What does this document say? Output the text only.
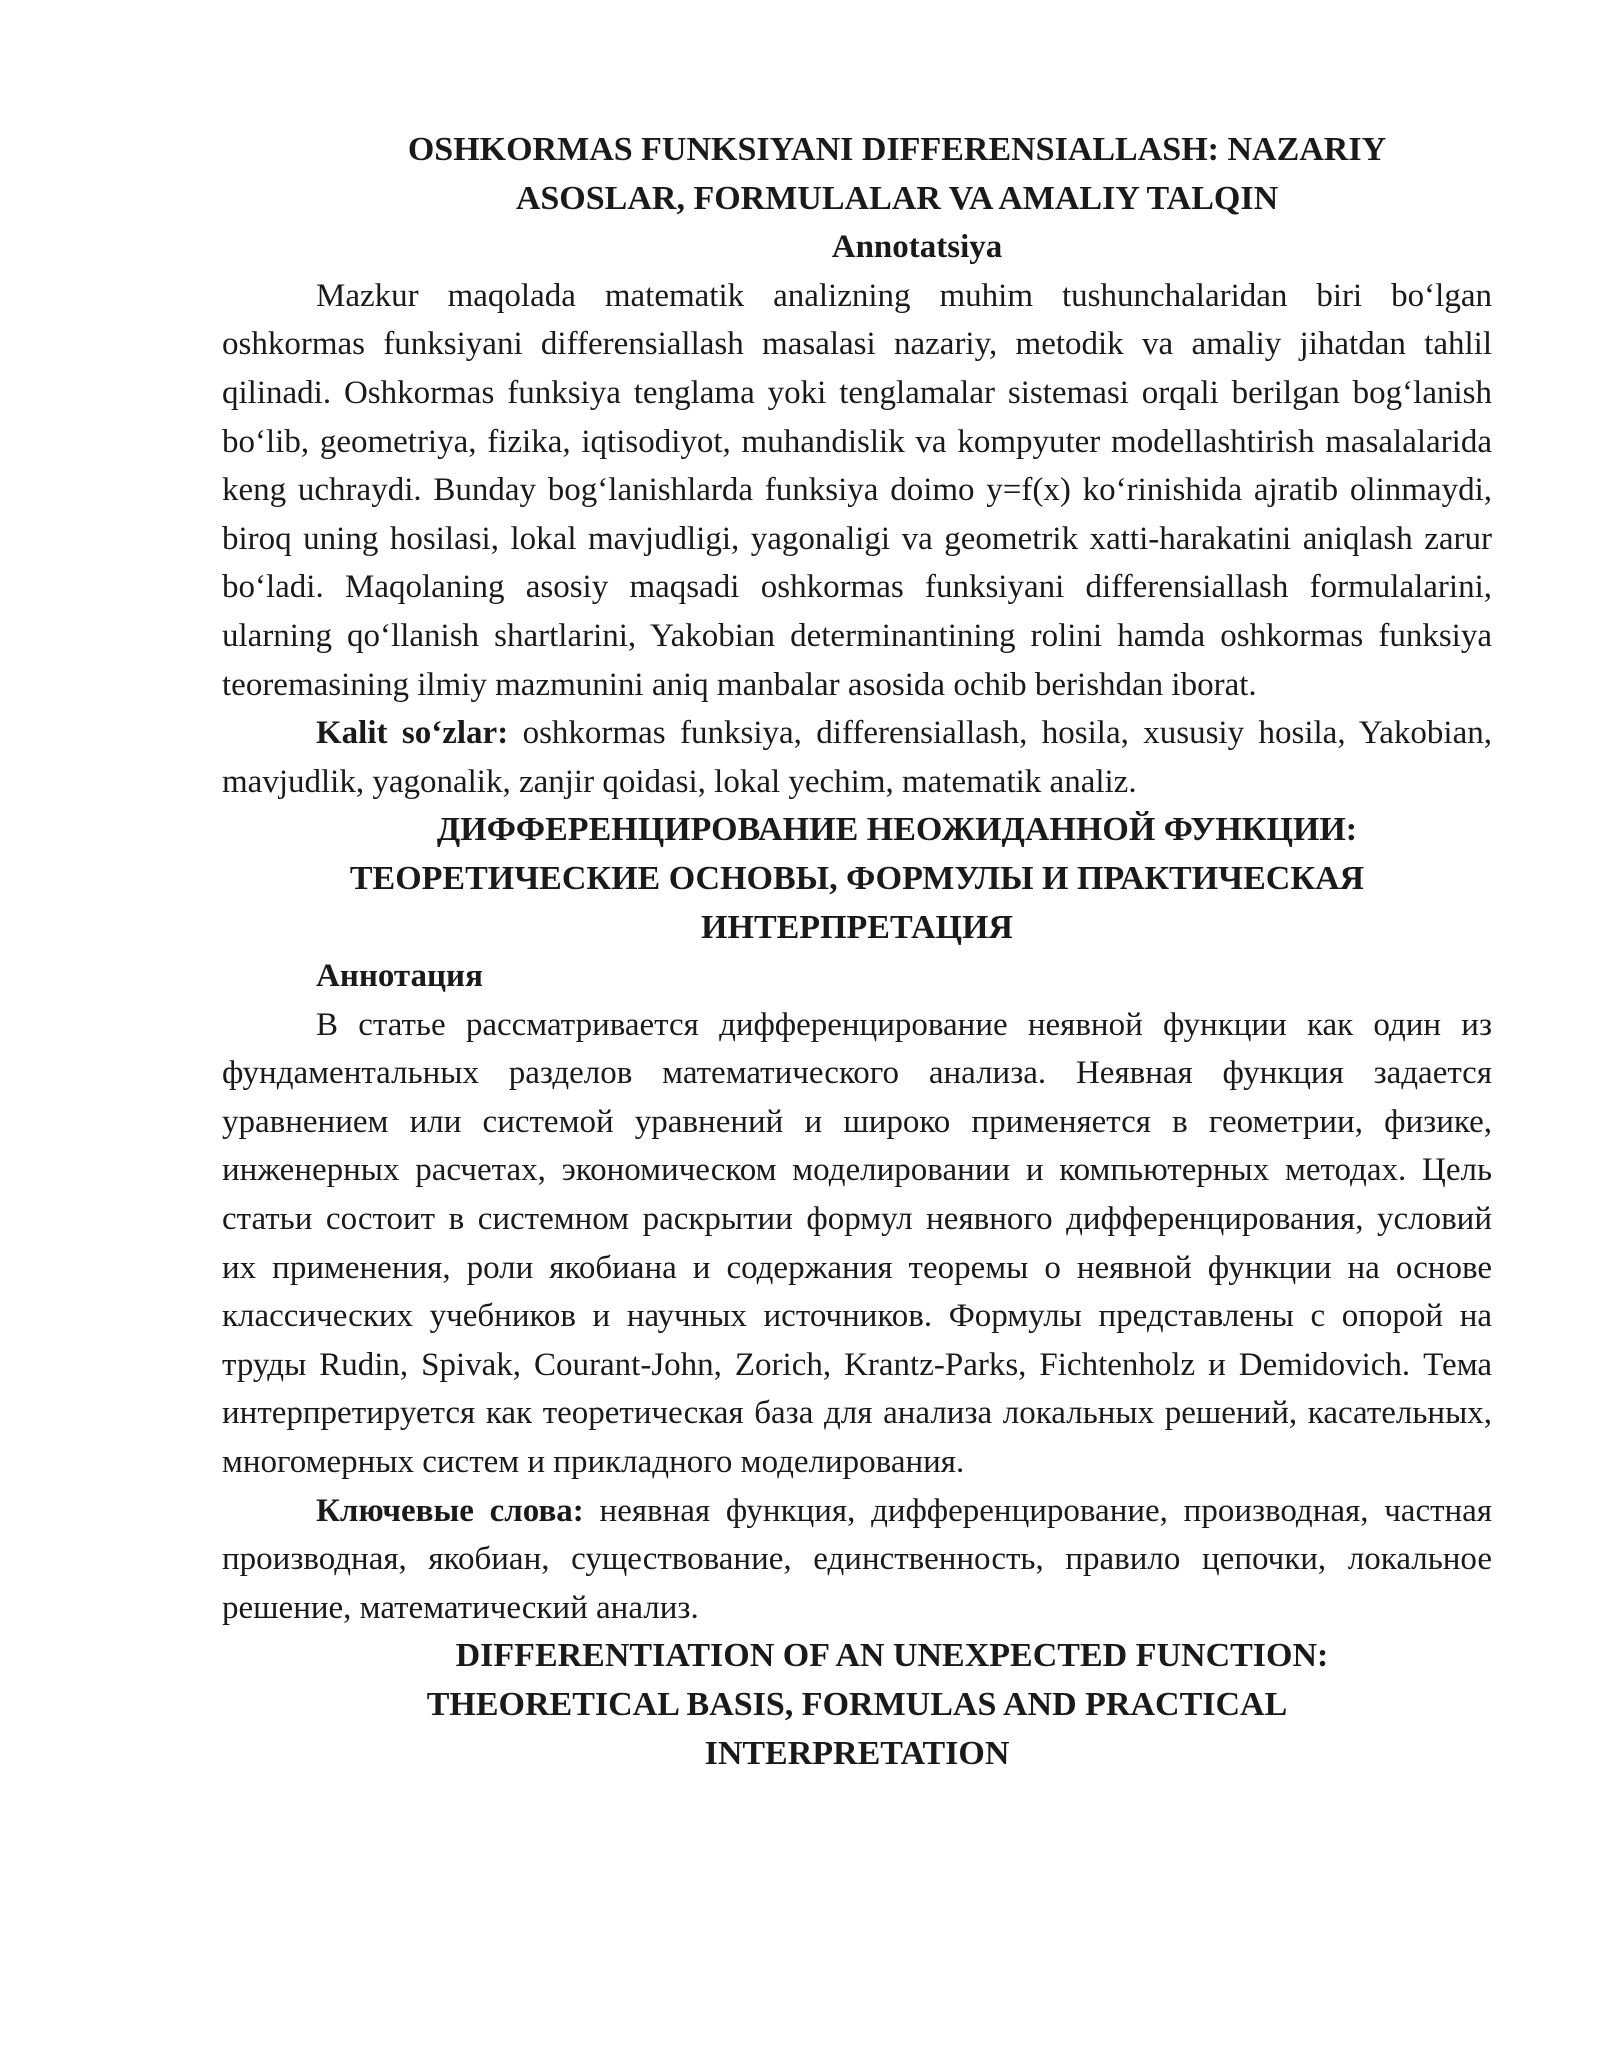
OSHKORMAS FUNKSIYANI DIFFERENSIALLASH: NAZARIY
ASOSLAR, FORMULALAR VA AMALIY TALQIN
Annotatsiya

Mazkur maqolada matematik analizning muhim tushunchalaridan biri bo‘lgan oshkormas funksiyani differensiallash masalasi nazariy, metodik va amaliy jihatdan tahlil qilinadi. Oshkormas funksiya tenglama yoki tenglamalar sistemasi orqali berilgan bog‘lanish bo‘lib, geometriya, fizika, iqtisodiyot, muhandislik va kompyuter modellashtirish masalalarida keng uchraydi. Bunday bog‘lanishlarda funksiya doimo y=f(x) ko‘rinishida ajratib olinmaydi, biroq uning hosilasi, lokal mavjudligi, yagonaligi va geometrik xatti-harakatini aniqlash zarur bo‘ladi. Maqolaning asosiy maqsadi oshkormas funksiyani differensiallash formulalarini, ularning qo‘llanish shartlarini, Yakobian determinantining rolini hamda oshkormas funksiya teoremasining ilmiy mazmunini aniq manbalar asosida ochib berishdan iborat.

Kalit so‘zlar: oshkormas funksiya, differensiallash, hosila, xususiy hosila, Yakobian, mavjudlik, yagonalik, zanjir qoidasi, lokal yechim, matematik analiz.

ДИФФЕРЕНЦИРОВАНИЕ НЕОЖИДАННОЙ ФУНКЦИИ:
ТЕОРЕТИЧЕСКИЕ ОСНОВЫ, ФОРМУЛЫ И ПРАКТИЧЕСКАЯ
ИНТЕРПРЕТАЦИЯ
Аннотация

В статье рассматривается дифференцирование неявной функции как один из фундаментальных разделов математического анализа. Неявная функция задается уравнением или системой уравнений и широко применяется в геометрии, физике, инженерных расчетах, экономическом моделировании и компьютерных методах. Цель статьи состоит в системном раскрытии формул неявного дифференцирования, условий их применения, роли якобиана и содержания теоремы о неявной функции на основе классических учебников и научных источников. Формулы представлены с опорой на труды Rudin, Spivak, Courant-John, Zorich, Krantz-Parks, Fichtenholz и Demidovich. Тема интерпретируется как теоретическая база для анализа локальных решений, касательных, многомерных систем и прикладного моделирования.

Ключевые слова: неявная функция, дифференцирование, производная, частная производная, якобиан, существование, единственность, правило цепочки, локальное решение, математический анализ.

DIFFERENTIATION OF AN UNEXPECTED FUNCTION:
THEORETICAL BASIS, FORMULAS AND PRACTICAL
INTERPRETATION
